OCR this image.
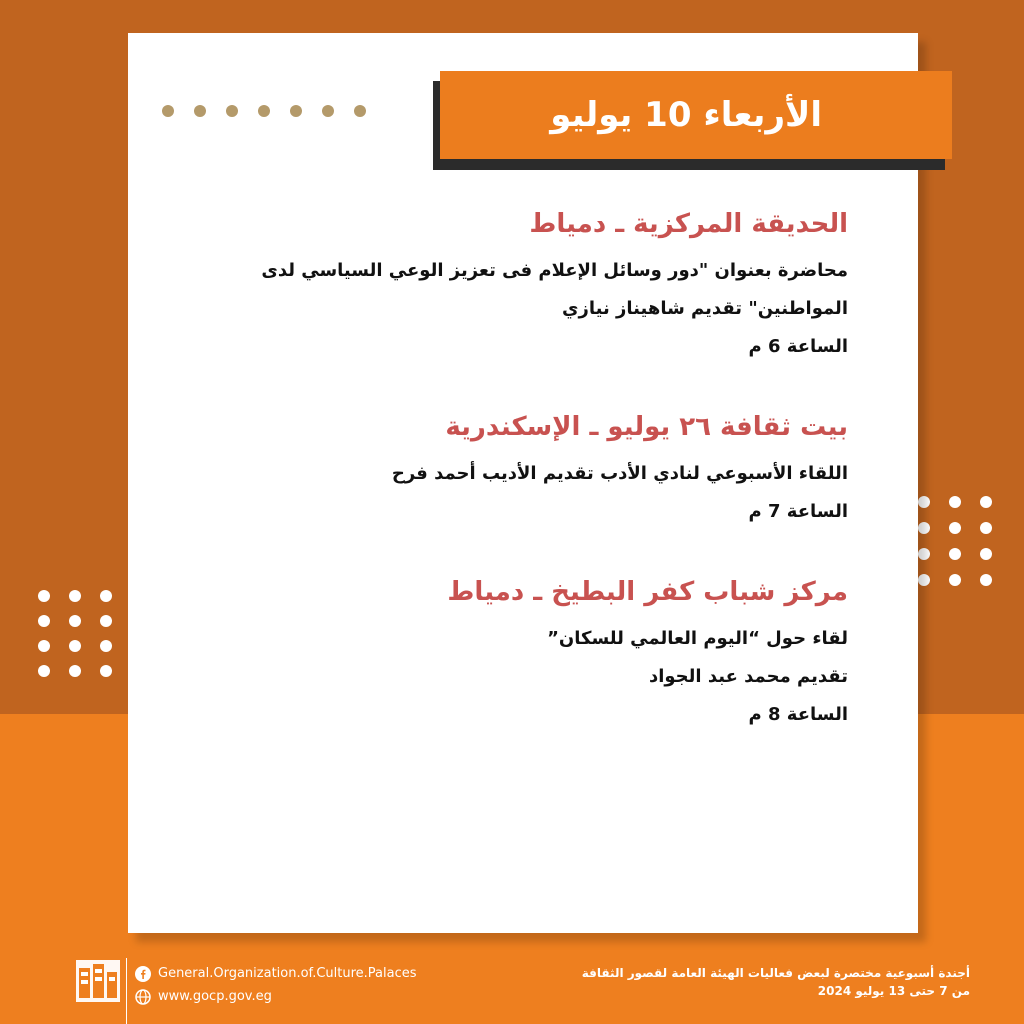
الأربعاء 10 يوليو

الحديقة المركزية ـ دمياط

محاضرة بعنوان "دور وسائل الإعلام فى تعزيز الوعي السياسي لدى

المواطنين" تقديم شاهيناز نيازي

الساعة 6 م

بيت ثقافة ٢٦ يوليو ـ الإسكندرية

اللقاء الأسبوعي لنادي الأدب تقديم الأديب أحمد فرح

الساعة 7 م

مركز شباب كفر البطيخ ـ دمياط

لقاء حول “اليوم العالمي للسكان”

تقديم محمد عبد الجواد

الساعة 8 م

General.Organization.of.Culture.Palaces
www.gocp.gov.eg
أجندة أسبوعية مختصرة لبعض فعاليات الهيئة العامة لقصور الثقافة
من 7 حتى 13 يوليو 2024
